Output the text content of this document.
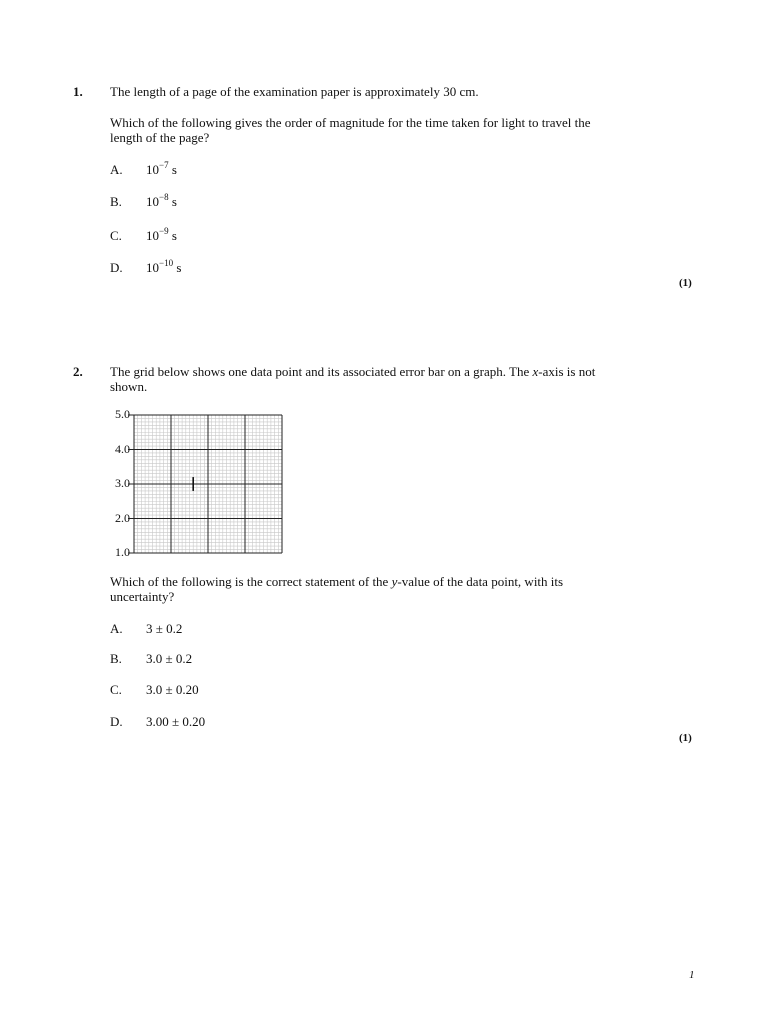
1. The length of a page of the examination paper is approximately 30 cm.
Which of the following gives the order of magnitude for the time taken for light to travel the
length of the page?
A. $10^{-7}$ s
B. $10^{-8}$ s
C. $10^{-9}$ s
D. $10^{-10}$ s
(1)
2. The grid below shows one data point and its associated error bar on a graph. The x-axis is not
shown.
5.0
4.0
3.0
2.0
1.0
Which of the following is the correct statement of the y-value of the data point, with its
uncertainty?
A. 3 ± 0.2
B. 3.0 ± 0.2
C. 3.0 ± 0.20
D. 3.00 ± 0.20
(1)
1
